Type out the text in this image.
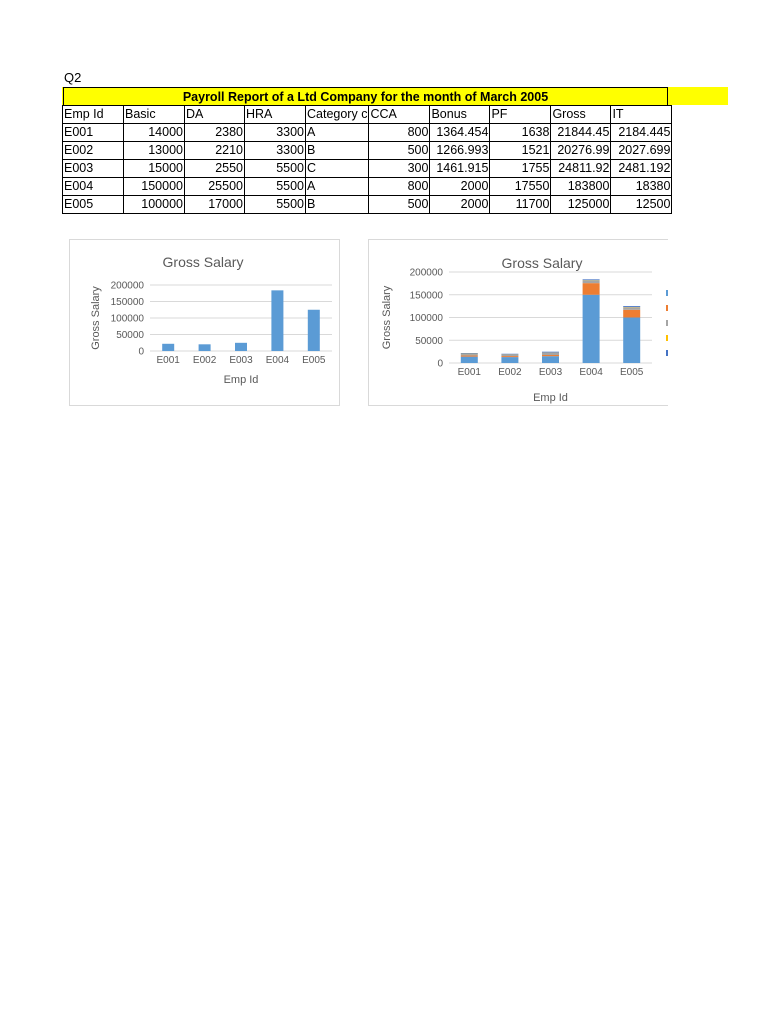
Q2
Payroll Report of a Ltd Company for the month of March 2005
Emp Id	Basic	DA	HRA	Category c	CCA	Bonus	PF	Gross	IT
E001	14000	2380	3300	A	800	1364.454	1638	21844.45	2184.445
E002	13000	2210	3300	B	500	1266.993	1521	20276.99	2027.699
E003	15000	2550	5500	C	300	1461.915	1755	24811.92	2481.192
E004	150000	25500	5500	A	800	2000	17550	183800	18380
E005	100000	17000	5500	B	500	2000	11700	125000	12500
Gross Salary
0
50000
100000
150000
200000
E001 E002 E003 E004 E005
Emp Id
Gross Salary
Gross Salary
0
50000
100000
150000
200000
E001 E002 E003 E004 E005
Emp Id
Gross Salary
